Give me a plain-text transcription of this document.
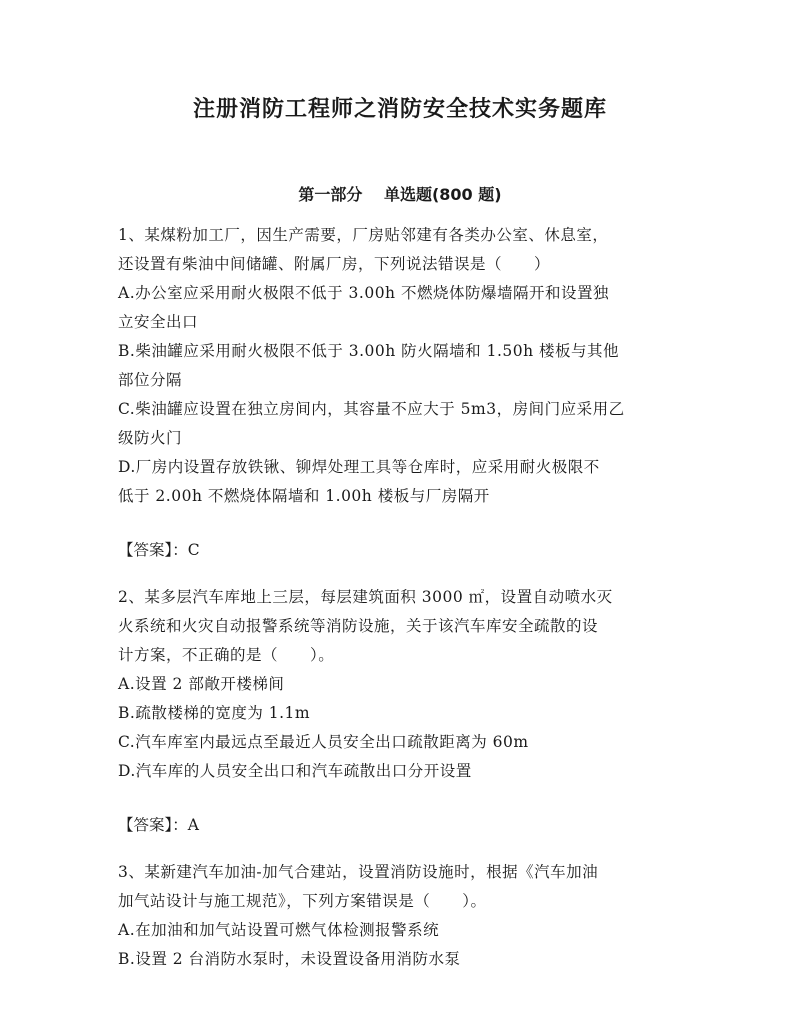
注册消防工程师之消防安全技术实务题库
第一部分　 单选题(800 题)
1、某煤粉加工厂，因生产需要，厂房贴邻建有各类办公室、休息室，
还设置有柴油中间储罐、附属厂房，下列说法错误是（　　）
A.办公室应采用耐火极限不低于 3.00h 不燃烧体防爆墙隔开和设置独
立安全出口
B.柴油罐应采用耐火极限不低于 3.00h 防火隔墙和 1.50h 楼板与其他
部位分隔
C.柴油罐应设置在独立房间内，其容量不应大于 5m3，房间门应采用乙
级防火门
D.厂房内设置存放铁锹、铆焊处理工具等仓库时，应采用耐火极限不
低于 2.00h 不燃烧体隔墙和 1.00h 楼板与厂房隔开
【答案】：C
2、某多层汽车库地上三层，每层建筑面积 3000 ㎡，设置自动喷水灭
火系统和火灾自动报警系统等消防设施，关于该汽车库安全疏散的设
计方案，不正确的是（　　）。
A.设置 2 部敞开楼梯间
B.疏散楼梯的宽度为 1.1m
C.汽车库室内最远点至最近人员安全出口疏散距离为 60m
D.汽车库的人员安全出口和汽车疏散出口分开设置
【答案】：A
3、某新建汽车加油-加气合建站，设置消防设施时，根据《汽车加油
加气站设计与施工规范》，下列方案错误是（　　）。
A.在加油和加气站设置可燃气体检测报警系统
B.设置 2 台消防水泵时，未设置设备用消防水泵
